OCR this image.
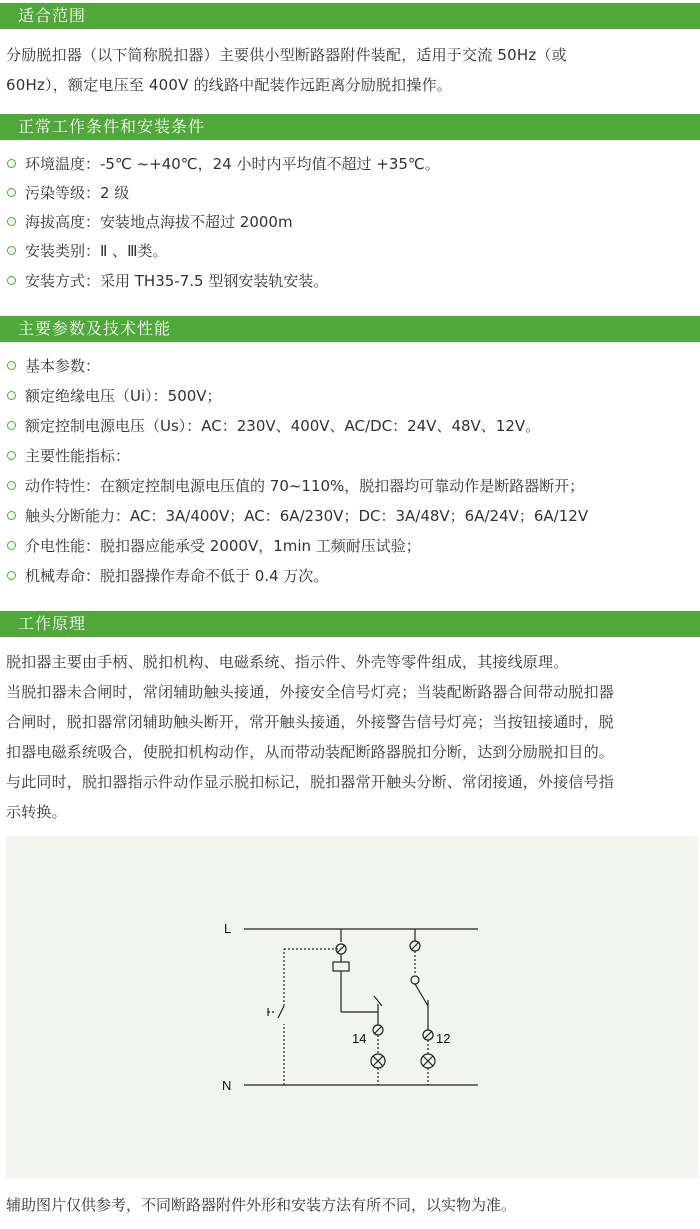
适合范围

分励脱扣器（以下简称脱扣器）主要供小型断路器附件装配，适用于交流 50Hz（或

60Hz），额定电压至 400V 的线路中配装作远距离分励脱扣操作。

正常工作条件和安装条件
环境温度：-5℃ ~+40℃，24 小时内平均值不超过 +35℃。
污染等级：2 级
海拔高度：安装地点海拔不超过 2000m
安装类别：Ⅱ 、Ⅲ类。
安装方式：采用 TH35-7.5 型钢安装轨安装。
主要参数及技术性能
基本参数：
额定绝缘电压（Ui）：500V；
额定控制电源电压（Us）：AC：230V、400V、AC/DC：24V、48V、12V。
主要性能指标：
动作特性：在额定控制电源电压值的 70~110%，脱扣器均可靠动作是断路器断开；
触头分断能力：AC：3A/400V；AC：6A/230V；DC：3A/48V；6A/24V；6A/12V
介电性能：脱扣器应能承受 2000V，1min 工频耐压试验；
机械寿命：脱扣器操作寿命不低于 0.4 万次。
工作原理

脱扣器主要由手柄、脱扣机构、电磁系统、指示件、外壳等零件组成，其接线原理。

当脱扣器未合闸时，常闭辅助触头接通，外接安全信号灯亮；当装配断路器合间带动脱扣器

合闸时，脱扣器常闭辅助触头断开，常开触头接通，外接警告信号灯亮；当按钮接通时，脱

扣器电磁系统吸合，使脱扣机构动作，从而带动装配断路器脱扣分断，达到分励脱扣目的。

与此同时，脱扣器指示件动作显示脱扣标记，脱扣器常开触头分断、常闭接通，外接信号指

示转换。

L
N
14	12
辅助图片仅供参考，不同断路器附件外形和安装方法有所不同，以实物为准。
